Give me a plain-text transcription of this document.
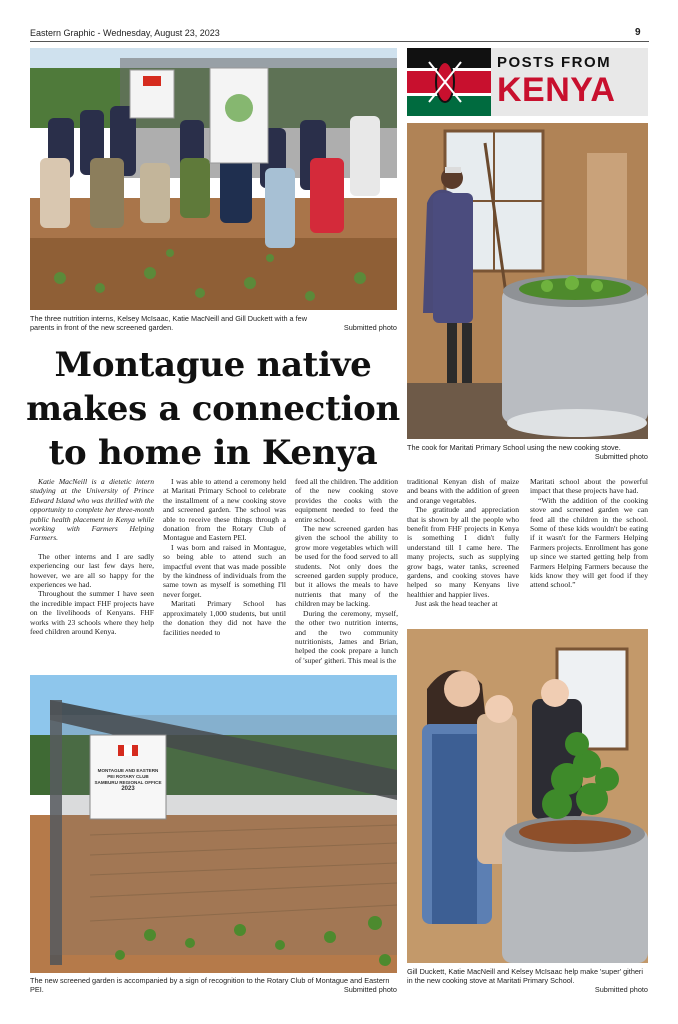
Eastern Graphic - Wednesday, August 23, 2023	9
The three nutrition interns, Kelsey McIsaac, Katie MacNeill and Gill Duckett with a few parents in front of the new screened garden.	Submitted photo
POSTS FROM
KENYA
The cook for Maritati Primary School using the new cooking stove.
Submitted photo
Montague native
makes a connection
to home in Kenya

Katie MacNeill is a dietetic intern studying at the University of Prince Edward Island who was thrilled with the opportunity to complete her three-month public health placement in Kenya while working with Farmers Helping Farmers.

The other interns and I are sadly experiencing our last few days here, however, we are all so happy for the experiences we had.

Throughout the summer I have seen the incredible impact FHF projects have on the livelihoods of Kenyans. FHF works with 23 schools where they help feed children around Kenya.

I was able to attend a ceremony held at Maritati Primary School to celebrate the installment of a new cooking stove and screened garden. The school was able to receive these things through a donation from the Rotary Club of Montague and Eastern PEI.

I was born and raised in Montague, so being able to attend such an impactful event that was made possible by the kindness of individuals from the same town as myself is something I'll never forget.

Maritati Primary School has approximately 1,000 students, but until the donation they did not have the facilities needed to

feed all the children. The addition of the new cooking stove provides the cooks with the equipment needed to feed the entire school.

The new screened garden has given the school the ability to grow more vegetables which will be used for the food served to all students. Not only does the screened garden supply produce, but it allows the meals to have nutrients that many of the children may be lacking.

During the ceremony, myself, the other two nutrition interns, and the two community nutritionists, James and Brian, helped the cook prepare a lunch of 'super' githeri. This meal is the

traditional Kenyan dish of maize and beans with the addition of green and orange vegetables.

The gratitude and appreciation that is shown by all the people who benefit from FHF projects in Kenya is something I didn't fully understand till I came here. The many projects, such as supplying grow bags, water tanks, screened gardens, and cooking stoves have helped so many Kenyans live healthier and happier lives.

Just ask the head teacher at

Maritati school about the powerful impact that these projects have had.

“With the addition of the cooking stove and screened garden we can feed all the children in the school. Some of these kids wouldn't be eating if it wasn't for the Farmers Helping Farmers projects. Enrollment has gone up since we started getting help from Farmers Helping Farmers because the kids know they will get food if they attend school.”

MONTAGUE AND EASTERN
PEI ROTARY CLUB
SAMBURU REGIONAL OFFICE
2023
The new screened garden is accompanied by a sign of recognition to the Rotary Club of Montague and Eastern PEI.	Submitted photo
Gill Duckett, Katie MacNeill and Kelsey McIsaac help make 'super' githeri in the new cooking stove at Maritati Primary School.
Submitted photo
